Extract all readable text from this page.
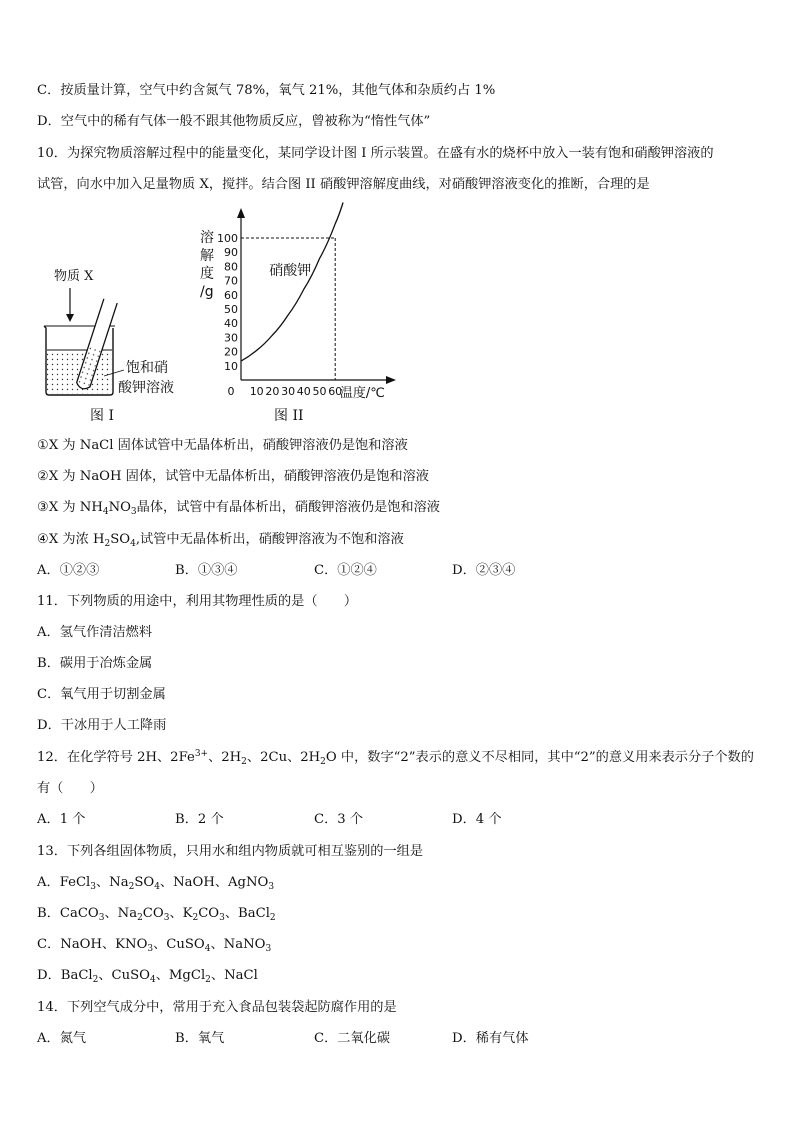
C．按质量计算，空气中约含氮气 78%，氧气 21%，其他气体和杂质约占 1%
D．空气中的稀有气体一般不跟其他物质反应，曾被称为“惰性气体”
10．为探究物质溶解过程中的能量变化，某同学设计图 I 所示装置。在盛有水的烧杯中放入一装有饱和硝酸钾溶液的
试管，向水中加入足量物质 X，搅拌。结合图 II 硝酸钾溶解度曲线，对硝酸钾溶液变化的推断，合理的是
物质 X
饱和硝
酸钾溶液
图 I
溶
解
度
/g
10
20
30
40
50
60
70
80
90
100
0 10 20 30 40 50 60
硝酸钾
温度/℃
图 II
①X 为 NaCl 固体试管中无晶体析出，硝酸钾溶液仍是饱和溶液
②X 为 NaOH 固体，试管中无晶体析出，硝酸钾溶液仍是饱和溶液
③X 为 $NH_4NO_3$晶体，试管中有晶体析出，硝酸钾溶液仍是饱和溶液
④X 为浓 $H_2SO_4$,试管中无晶体析出，硝酸钾溶液为不饱和溶液
A．①②③	B．①③④	C．①②④	D．②③④
11．下列物质的用途中，利用其物理性质的是（　　）
A．氢气作清洁燃料
B．碳用于冶炼金属
C．氧气用于切割金属
D．干冰用于人工降雨
12．在化学符号 2H、$2Fe^{3+}$、$2H_2$、2Cu、$2H_2O$ 中，数字“2”表示的意义不尽相同，其中“2”的意义用来表示分子个数的
有（　　）
A．1 个	B．2 个	C．3 个	D．4 个
13．下列各组固体物质，只用水和组内物质就可相互鉴别的一组是
A．FeCl$_3$、$Na_2SO_4$、NaOH、AgNO$_3$
B．CaCO$_3$、$Na_2CO_3$、$K_2CO_3$、BaCl$_2$
C．NaOH、$KNO_3$、CuSO$_4$、NaNO$_3$
D．BaCl$_2$、CuSO$_4$、MgCl$_2$、NaCl
14．下列空气成分中，常用于充入食品包装袋起防腐作用的是
A．氮气	B．氧气	C．二氧化碳	D．稀有气体
